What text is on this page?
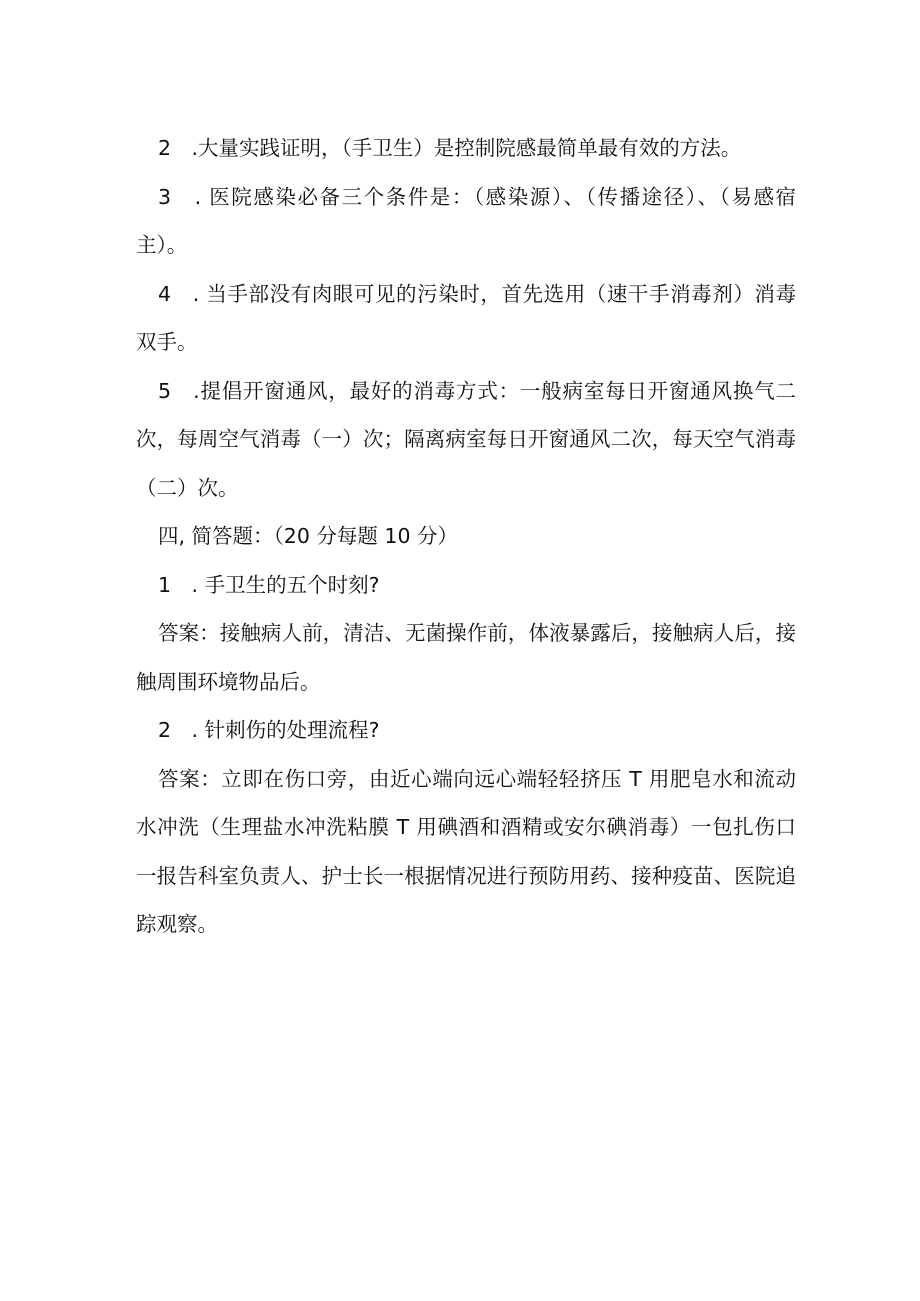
2　.大量实践证明，（手卫生）是控制院感最简单最有效的方法。

3　. 医院感染必备三个条件是：（感染源）、（传播途径）、（易感宿主）。

4　. 当手部没有肉眼可见的污染时，首先选用（速干手消毒剂）消毒双手。

5　.提倡开窗通风，最好的消毒方式：一般病室每日开窗通风换气二次，每周空气消毒（一）次；隔离病室每日开窗通风二次，每天空气消毒（二）次。

四, 简答题：（20 分每题 10 分）

1　. 手卫生的五个时刻?

答案：接触病人前，清洁、无菌操作前，体液暴露后，接触病人后，接触周围环境物品后。

2　. 针刺伤的处理流程?

答案：立即在伤口旁，由近心端向远心端轻轻挤压 T 用肥皂水和流动水冲洗（生理盐水冲洗粘膜 T 用碘酒和酒精或安尔碘消毒）一包扎伤口一报告科室负责人、护士长一根据情况进行预防用药、接种疫苗、医院追踪观察。
